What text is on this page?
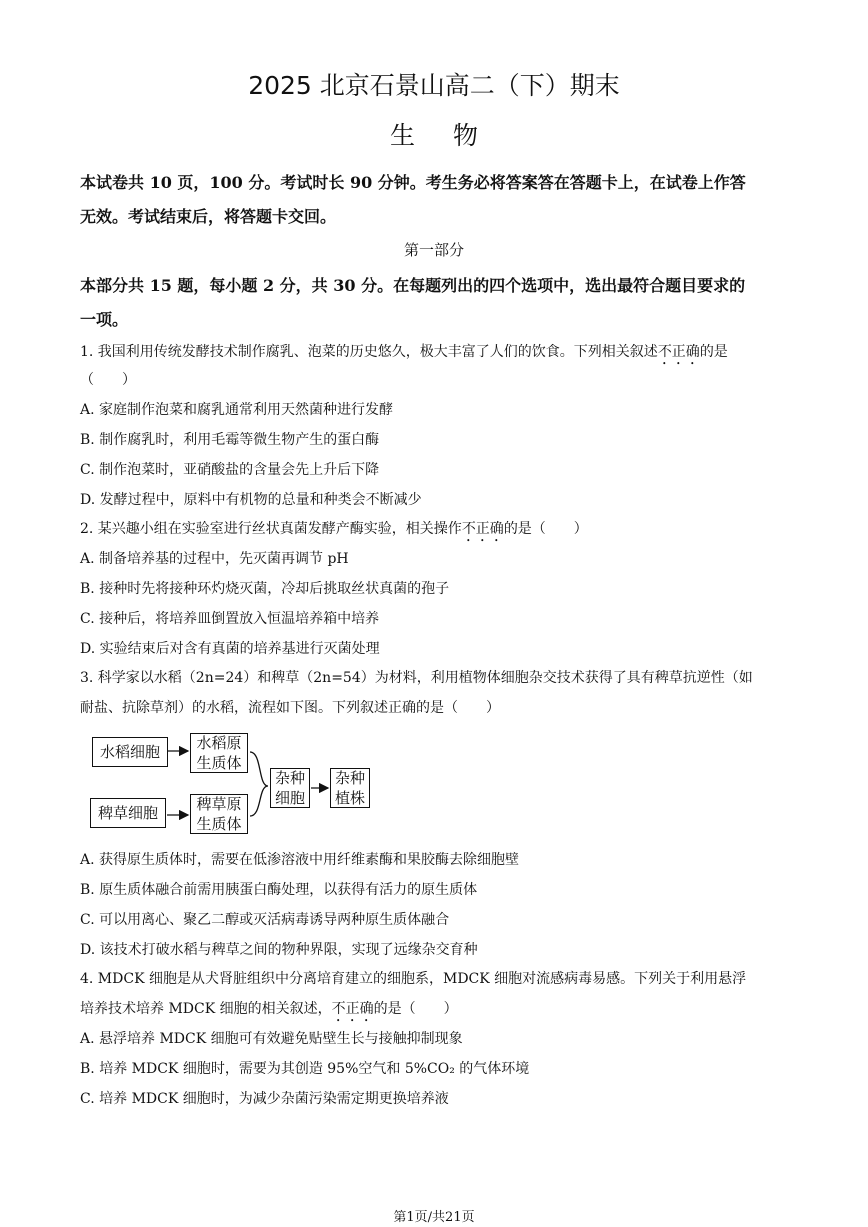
2025 北京石景山高二（下）期末
生物
本试卷共 10 页，100 分。考试时长 90 分钟。考生务必将答案答在答题卡上，在试卷上作答
无效。考试结束后，将答题卡交回。
第一部分
本部分共 15 题，每小题 2 分，共 30 分。在每题列出的四个选项中，选出最符合题目要求的
一项。
1. 我国利用传统发酵技术制作腐乳、泡菜的历史悠久，极大丰富了人们的饮食。下列相关叙述不正确的是
（　　）
A. 家庭制作泡菜和腐乳通常利用天然菌种进行发酵
B. 制作腐乳时，利用毛霉等微生物产生的蛋白酶
C. 制作泡菜时，亚硝酸盐的含量会先上升后下降
D. 发酵过程中，原料中有机物的总量和种类会不断减少
2. 某兴趣小组在实验室进行丝状真菌发酵产酶实验，相关操作不正确的是（　　）
A. 制备培养基的过程中，先灭菌再调节 pH
B. 接种时先将接种环灼烧灭菌，冷却后挑取丝状真菌的孢子
C. 接种后，将培养皿倒置放入恒温培养箱中培养
D. 实验结束后对含有真菌的培养基进行灭菌处理
3. 科学家以水稻（2n=24）和稗草（2n=54）为材料，利用植物体细胞杂交技术获得了具有稗草抗逆性（如
耐盐、抗除草剂）的水稻，流程如下图。下列叙述正确的是（　　）
水稻细胞 水稻原
生质体
稗草细胞	稗草原
生质体
杂种
细胞
杂种
植株
A. 获得原生质体时，需要在低渗溶液中用纤维素酶和果胶酶去除细胞壁
B. 原生质体融合前需用胰蛋白酶处理，以获得有活力的原生质体
C. 可以用离心、聚乙二醇或灭活病毒诱导两种原生质体融合
D. 该技术打破水稻与稗草之间的物种界限，实现了远缘杂交育种
4. MDCK 细胞是从犬肾脏组织中分离培育建立的细胞系，MDCK 细胞对流感病毒易感。下列关于利用悬浮
培养技术培养 MDCK 细胞的相关叙述，不正确的是（　　）
A. 悬浮培养 MDCK 细胞可有效避免贴壁生长与接触抑制现象
B. 培养 MDCK 细胞时，需要为其创造 95%空气和 5%CO₂ 的气体环境
C. 培养 MDCK 细胞时，为减少杂菌污染需定期更换培养液
第1页/共21页
